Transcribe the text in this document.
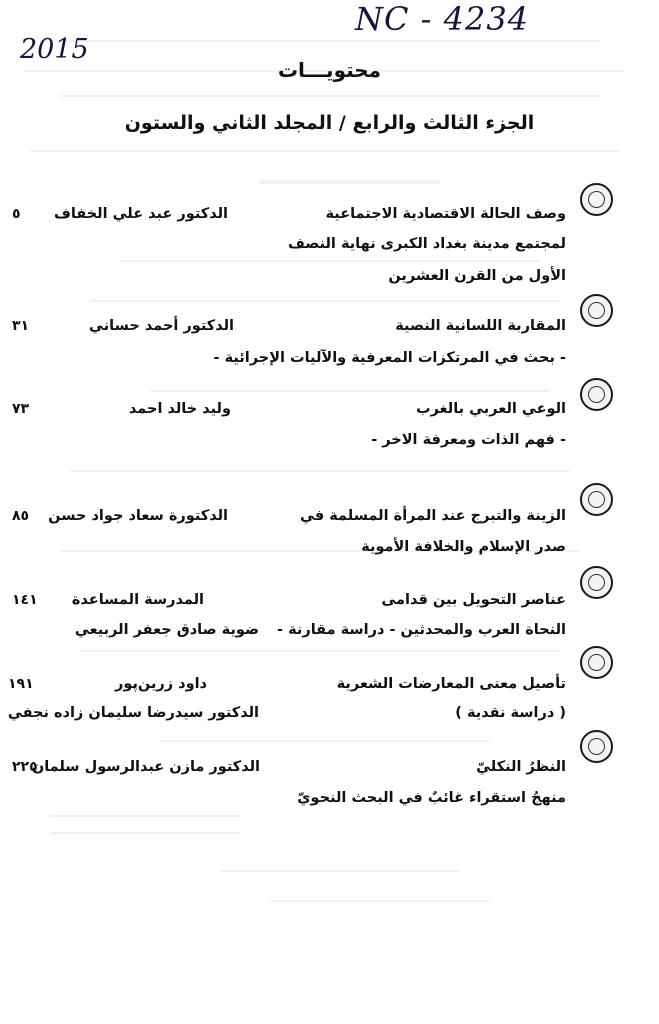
NC - 4234
2015
محتويـــات
الجزء الثالث والرابع / المجلد الثاني والستون
وصف الحالة الاقتصادية الاجتماعية
لمجتمع مدينة بغداد الكبرى نهاية النصف
الأول من القرن العشرين
الدكتور عبد علي الخفاف
٥
المقاربة اللسانية النصية
- بحث في المرتكزات المعرفية والآليات الإجرائية -
الدكتور أحمد حساني
٣١
الوعي العربي بالغرب
- فهم الذات ومعرفة الاخر -
وليد خالد احمد
٧٣
الزينة والتبرج عند المرأة المسلمة في
صدر الإسلام والخلافة الأموية
الدكتورة سعاد جواد حسن
٨٥
عناصر التحويل بين قدامى
النحاة العرب والمحدثين - دراسة مقارنة -
المدرسة المساعدة
ضوية صادق جعفر الربيعي
١٤١
تأصيل معنى المعارضات الشعرية
( دراسة نقدية )
داود زرين‌پور
الدكتور سيدرضا سليمان زاده نجفي
١٩١
النظرُ النكليّ
منهجُ استقراء غائبٌ في البحث النحويّ
الدكتور مازن عبدالرسول سلمان
٢٢٥
